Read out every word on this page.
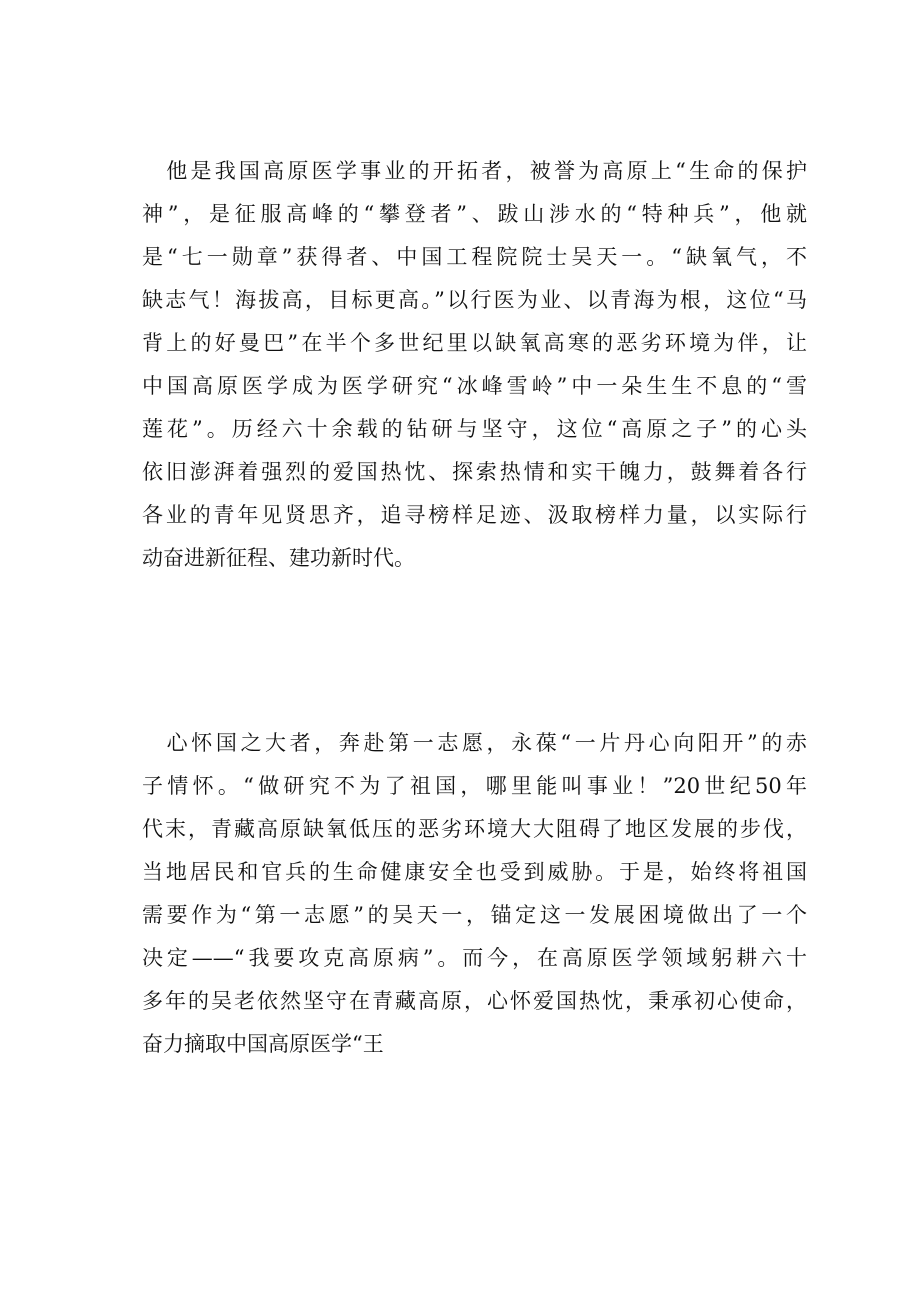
　他是我国高原医学事业的开拓者，被誉为高原上“生命的保护
神”，是征服高峰的“攀登者”、跋山涉水的“特种兵”，他就
是“七一勋章”获得者、中国工程院院士吴天一。“缺氧气，不
缺志气！海拔高，目标更高。”以行医为业、以青海为根，这位“马
背上的好曼巴”在半个多世纪里以缺氧高寒的恶劣环境为伴，让
中国高原医学成为医学研究“冰峰雪岭”中一朵生生不息的“雪
莲花”。历经六十余载的钻研与坚守，这位“高原之子”的心头
依旧澎湃着强烈的爱国热忱、探索热情和实干魄力，鼓舞着各行
各业的青年见贤思齐，追寻榜样足迹、汲取榜样力量，以实际行
动奋进新征程、建功新时代。
　心怀国之大者，奔赴第一志愿，永葆“一片丹心向阳开”的赤
子情怀。“做研究不为了祖国，哪里能叫事业！”20世纪50年
代末，青藏高原缺氧低压的恶劣环境大大阻碍了地区发展的步伐，
当地居民和官兵的生命健康安全也受到威胁。于是，始终将祖国
需要作为“第一志愿”的吴天一，锚定这一发展困境做出了一个
决定——“我要攻克高原病”。而今，在高原医学领域躬耕六十
多年的吴老依然坚守在青藏高原，心怀爱国热忱，秉承初心使命，
奋力摘取中国高原医学“王
